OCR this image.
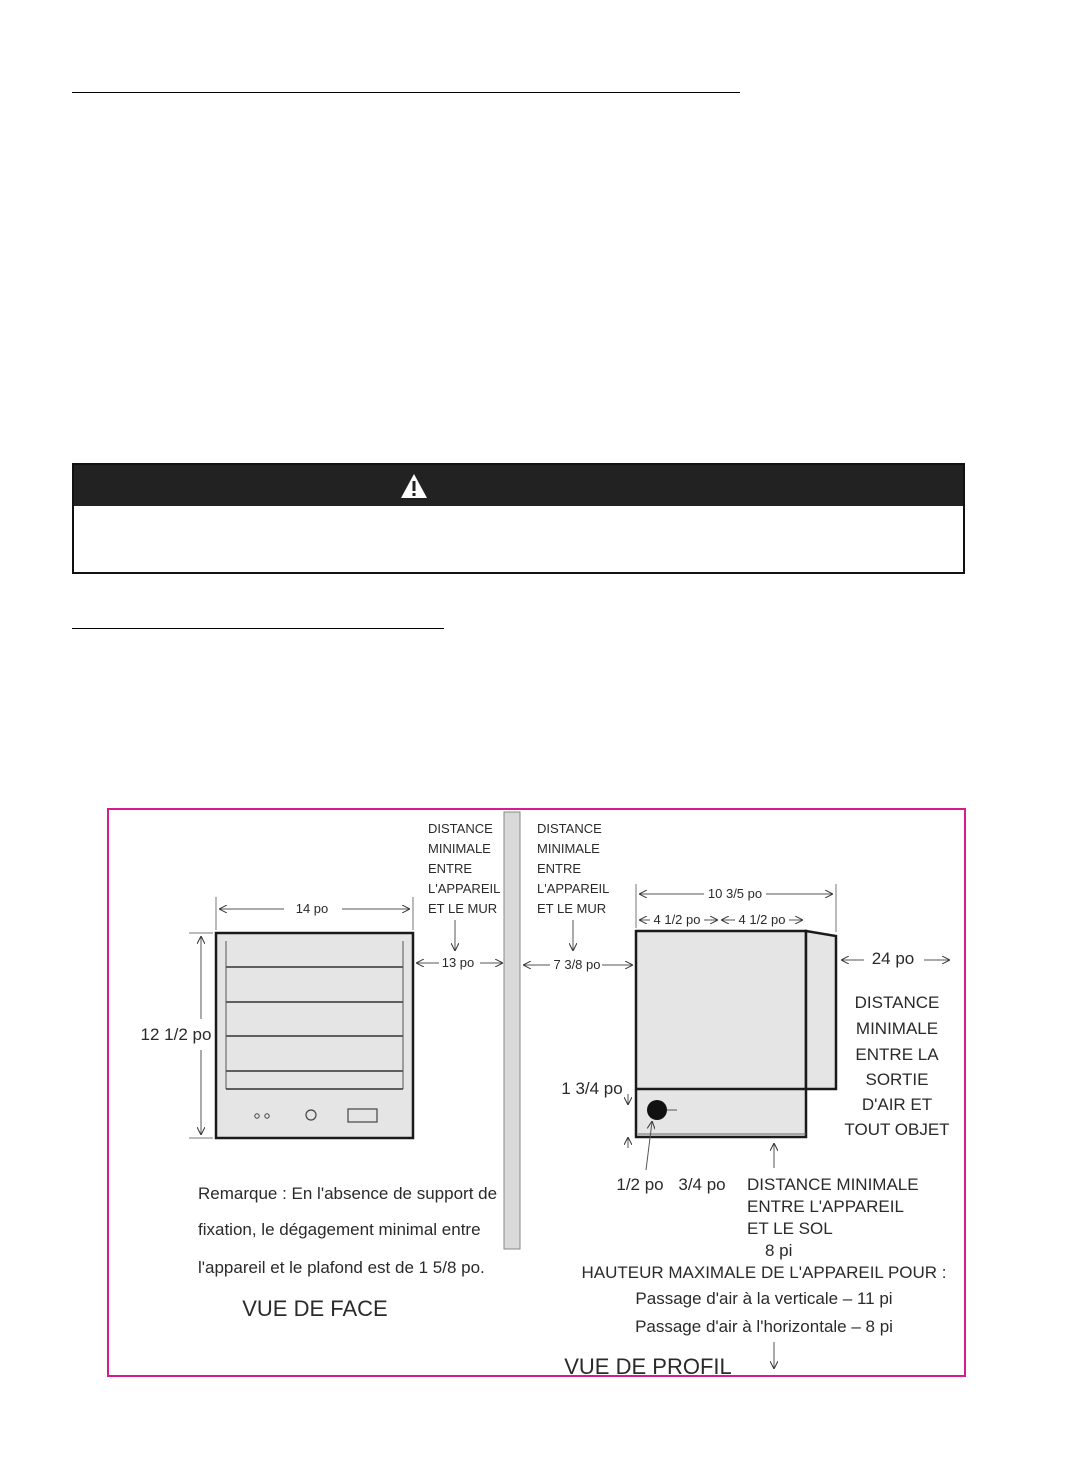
14 po
12 1/2 po
DISTANCE
MINIMALE
ENTRE
L'APPAREIL
ET LE MUR
13 po
Remarque : En l'absence de support de
fixation, le dégagement minimal entre
l'appareil et le plafond est de 1 5/8 po.
VUE DE FACE
DISTANCE
MINIMALE
ENTRE
L'APPAREIL
ET LE MUR
7 3/8 po
10 3/5 po
4 1/2 po	4 1/2 po
24 po
DISTANCE
MINIMALE
ENTRE LA
SORTIE
D'AIR ET
TOUT OBJET
1 3/4 po
1/2 po 3/4 po DISTANCE MINIMALE
ENTRE L'APPAREIL
ET LE SOL
8 pi
HAUTEUR MAXIMALE DE L'APPAREIL POUR :
Passage d'air à la verticale – 11 pi
Passage d'air à l'horizontale – 8 pi
VUE DE PROFIL
